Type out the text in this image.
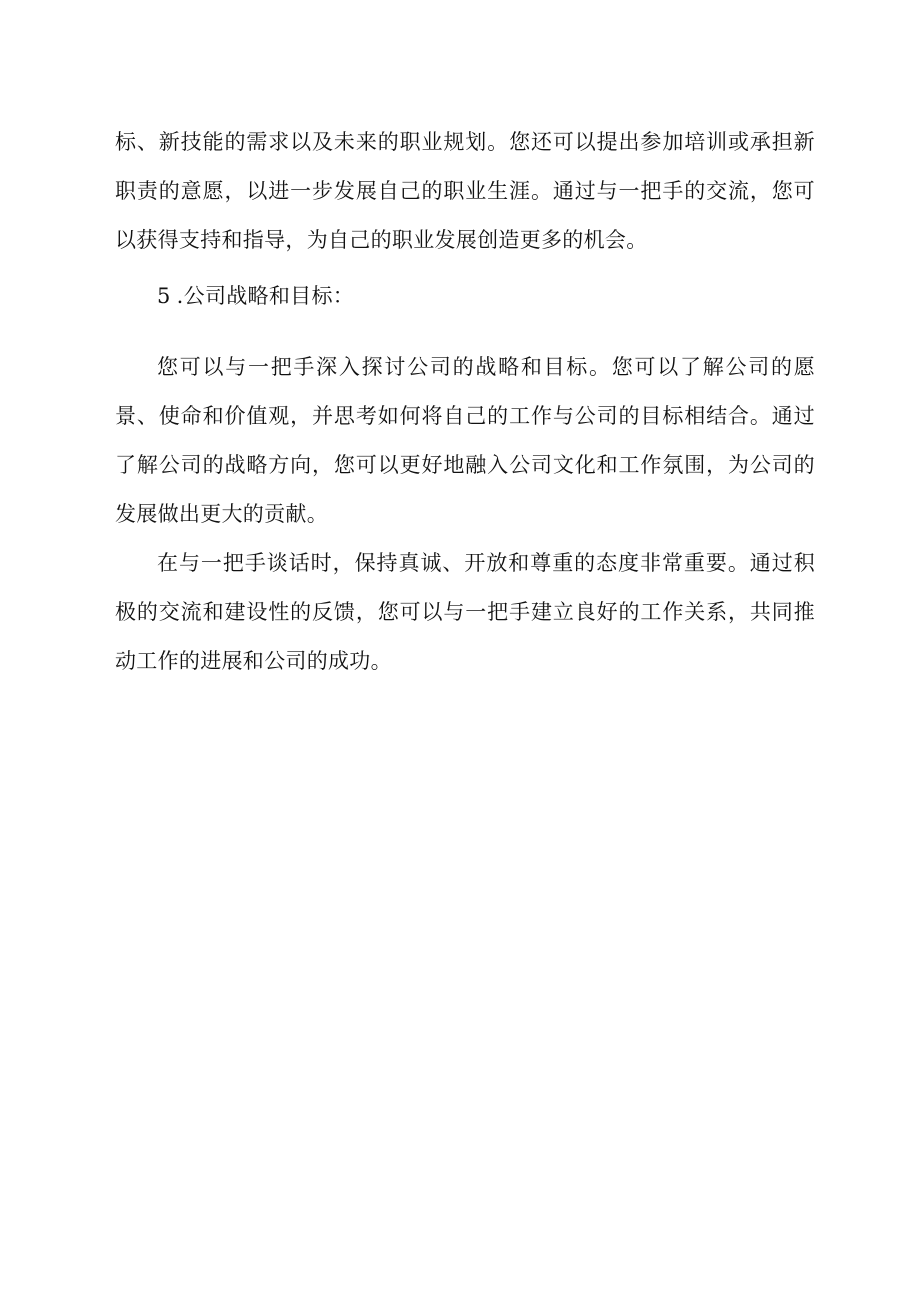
标、新技能的需求以及未来的职业规划。您还可以提出参加培训或承担新职责的意愿，以进一步发展自己的职业生涯。通过与一把手的交流，您可以获得支持和指导，为自己的职业发展创造更多的机会。

5 .公司战略和目标：

您可以与一把手深入探讨公司的战略和目标。您可以了解公司的愿景、使命和价值观，并思考如何将自己的工作与公司的目标相结合。通过了解公司的战略方向，您可以更好地融入公司文化和工作氛围，为公司的发展做出更大的贡献。

在与一把手谈话时，保持真诚、开放和尊重的态度非常重要。通过积极的交流和建设性的反馈，您可以与一把手建立良好的工作关系，共同推动工作的进展和公司的成功。
